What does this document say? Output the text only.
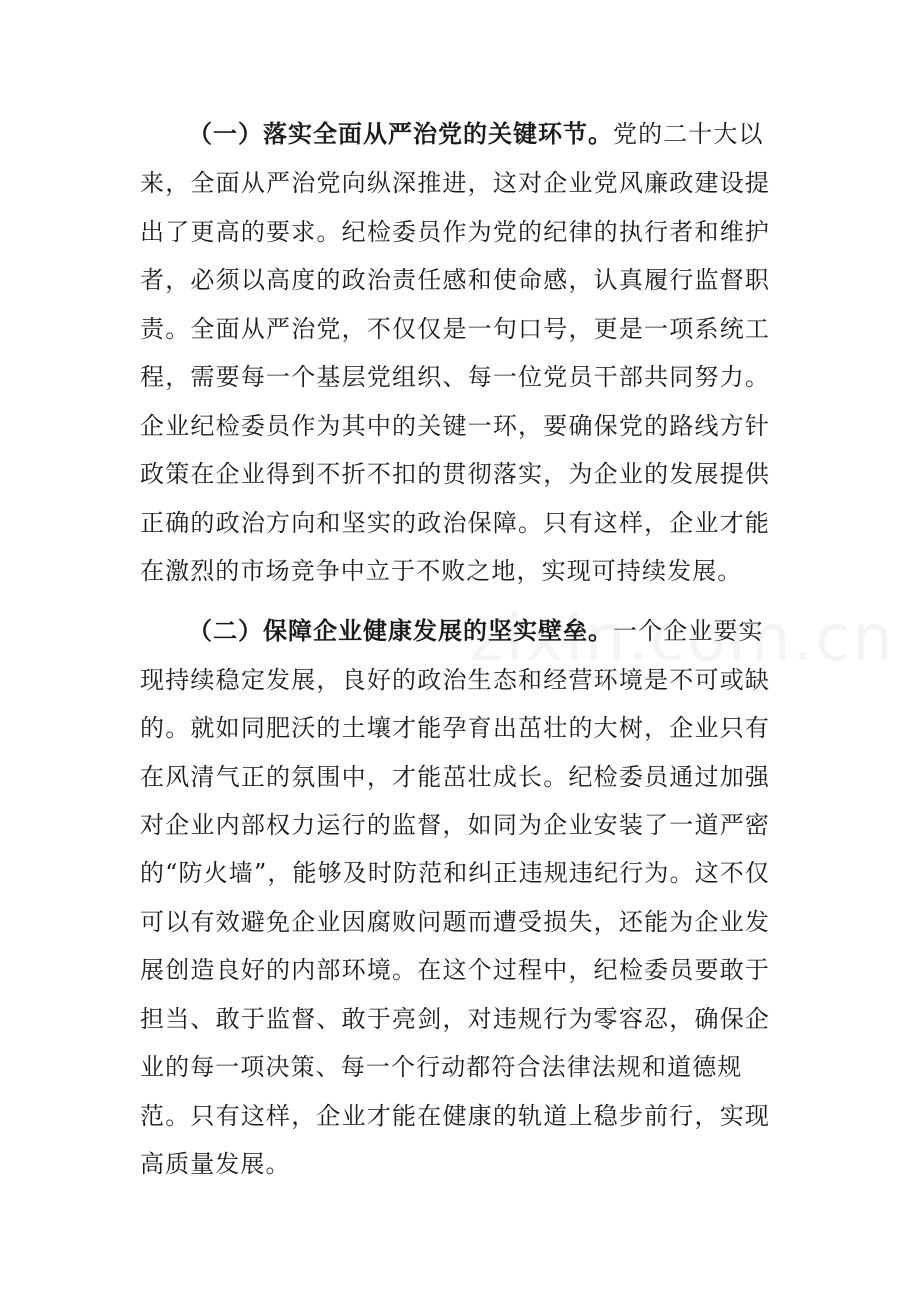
（一）落实全面从严治党的关键环节。党的二十大以
来，全面从严治党向纵深推进，这对企业党风廉政建设提
出了更高的要求。纪检委员作为党的纪律的执行者和维护
者，必须以高度的政治责任感和使命感，认真履行监督职
责。全面从严治党，不仅仅是一句口号，更是一项系统工
程，需要每一个基层党组织、每一位党员干部共同努力。
企业纪检委员作为其中的关键一环，要确保党的路线方针
政策在企业得到不折不扣的贯彻落实，为企业的发展提供
正确的政治方向和坚实的政治保障。只有这样，企业才能
在激烈的市场竞争中立于不败之地，实现可持续发展。
（二）保障企业健康发展的坚实壁垒。一个企业要实
现持续稳定发展，良好的政治生态和经营环境是不可或缺
的。就如同肥沃的土壤才能孕育出茁壮的大树，企业只有
在风清气正的氛围中，才能茁壮成长。纪检委员通过加强
对企业内部权力运行的监督，如同为企业安装了一道严密
的“防火墙”，能够及时防范和纠正违规违纪行为。这不仅
可以有效避免企业因腐败问题而遭受损失，还能为企业发
展创造良好的内部环境。在这个过程中，纪检委员要敢于
担当、敢于监督、敢于亮剑，对违规行为零容忍，确保企
业的每一项决策、每一个行动都符合法律法规和道德规
范。只有这样，企业才能在健康的轨道上稳步前行，实现
高质量发展。
